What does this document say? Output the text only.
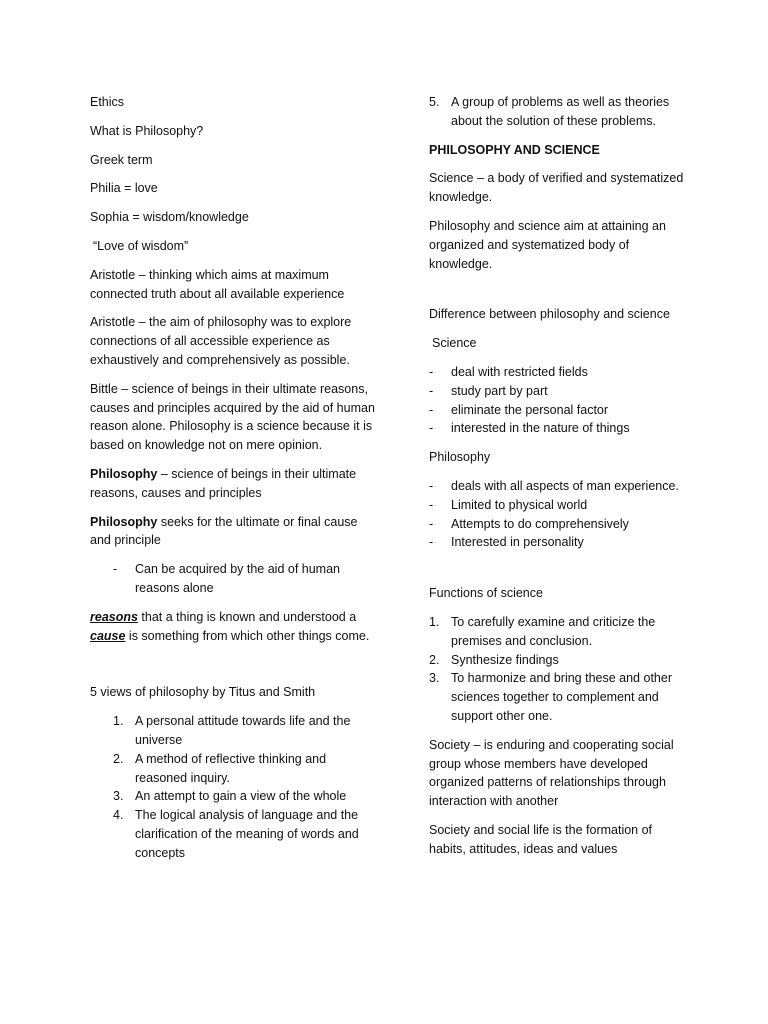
Ethics

What is Philosophy?

Greek term

Philia = love

Sophia = wisdom/knowledge

“Love of wisdom”

Aristotle – thinking which aims at maximum connected truth about all available experience

Aristotle – the aim of philosophy was to explore connections of all accessible experience as exhaustively and comprehensively as possible.

Bittle – science of beings in their ultimate reasons, causes and principles acquired by the aid of human reason alone. Philosophy is a science because it is based on knowledge not on mere opinion.

Philosophy – science of beings in their ultimate reasons, causes and principles

Philosophy seeks for the ultimate or final cause and principle

-	Can be acquired by the aid of human reasons alone

reasons that a thing is known and understood a cause is something from which other things come.

5 views of philosophy by Titus and Smith

1. A personal attitude towards life and the universe
2. A method of reflective thinking and reasoned inquiry.
3. An attempt to gain a view of the whole
4. The logical analysis of language and the clarification of the meaning of words and concepts
5. A group of problems as well as theories about the solution of these problems.

PHILOSOPHY AND SCIENCE

Science – a body of verified and systematized knowledge.

Philosophy and science aim at attaining an organized and systematized body of knowledge.

Difference between philosophy and science

Science

-	deal with restricted fields
-	study part by part
-	eliminate the personal factor
-	interested in the nature of things

Philosophy

-	deals with all aspects of man experience.
-	Limited to physical world
-	Attempts to do comprehensively
-	Interested in personality

Functions of science

1. To carefully examine and criticize the premises and conclusion.
2. Synthesize findings
3. To harmonize and bring these and other sciences together to complement and support other one.

Society – is enduring and cooperating social group whose members have developed organized patterns of relationships through interaction with another

Society and social life is the formation of habits, attitudes, ideas and values
